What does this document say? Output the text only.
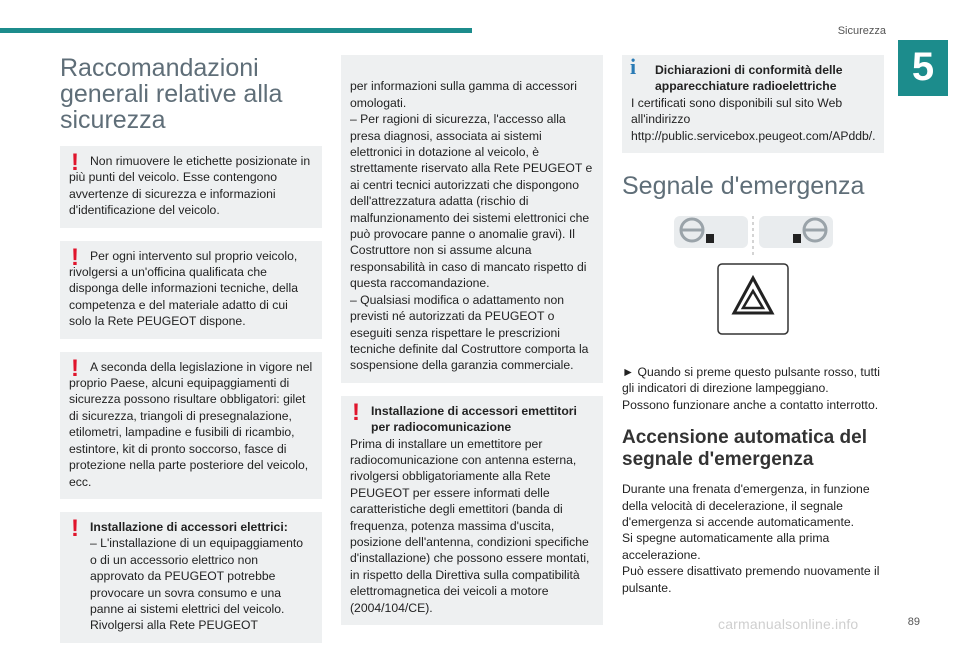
Sicurezza
5
Raccomandazioni generali relative alla sicurezza
! Non rimuovere le etichette posizionate in più punti del veicolo. Esse contengono avvertenze di sicurezza e informazioni d'identificazione del veicolo.

! Per ogni intervento sul proprio veicolo, rivolgersi a un'officina qualificata che disponga delle informazioni tecniche, della competenza e del materiale adatto di cui solo la Rete PEUGEOT dispone.

! A seconda della legislazione in vigore nel proprio Paese, alcuni equipaggiamenti di sicurezza possono risultare obbligatori: gilet di sicurezza, triangoli di presegnalazione, etilometri, lampadine e fusibili di ricambio, estintore, kit di pronto soccorso, fasce di protezione nella parte posteriore del veicolo, ecc.

! Installazione di accessori elettrici:

– L'installazione di un equipaggiamento o di un accessorio elettrico non approvato da PEUGEOT potrebbe provocare un sovra consumo e una panne ai sistemi elettrici del veicolo. Rivolgersi alla Rete PEUGEOT

per informazioni sulla gamma di accessori omologati.
– Per ragioni di sicurezza, l'accesso alla presa diagnosi, associata ai sistemi elettronici in dotazione al veicolo, è strettamente riservato alla Rete PEUGEOT e ai centri tecnici autorizzati che dispongono dell'attrezzatura adatta (rischio di malfunzionamento dei sistemi elettronici che può provocare panne o anomalie gravi). Il Costruttore non si assume alcuna responsabilità in caso di mancato rispetto di questa raccomandazione.
– Qualsiasi modifica o adattamento non previsti né autorizzati da PEUGEOT o eseguiti senza rispettare le prescrizioni tecniche definite dal Costruttore comporta la sospensione della garanzia commerciale.

! Installazione di accessori emettitori per radiocomunicazione

Prima di installare un emettitore per radiocomunicazione con antenna esterna, rivolgersi obbligatoriamente alla Rete PEUGEOT per essere informati delle caratteristiche degli emettitori (banda di frequenza, potenza massima d'uscita, posizione dell'antenna, condizioni specifiche d'installazione) che possono essere montati, in rispetto della Direttiva sulla compatibilità elettromagnetica dei veicoli a motore (2004/104/CE).

i	Dichiarazioni di conformità delle apparecchiature radioelettriche

I certificati sono disponibili sul sito Web all'indirizzo http://public.servicebox.peugeot.com/APddb/.

Segnale d'emergenza
► Quando si preme questo pulsante rosso, tutti gli indicatori di direzione lampeggiano.
Possono funzionare anche a contatto interrotto.
Accensione automatica del segnale d'emergenza
Durante una frenata d'emergenza, in funzione della velocità di decelerazione, il segnale d'emergenza si accende automaticamente.
Si spegne automaticamente alla prima accelerazione.
Può essere disattivato premendo nuovamente il pulsante.
carmanualsonline.info	89
